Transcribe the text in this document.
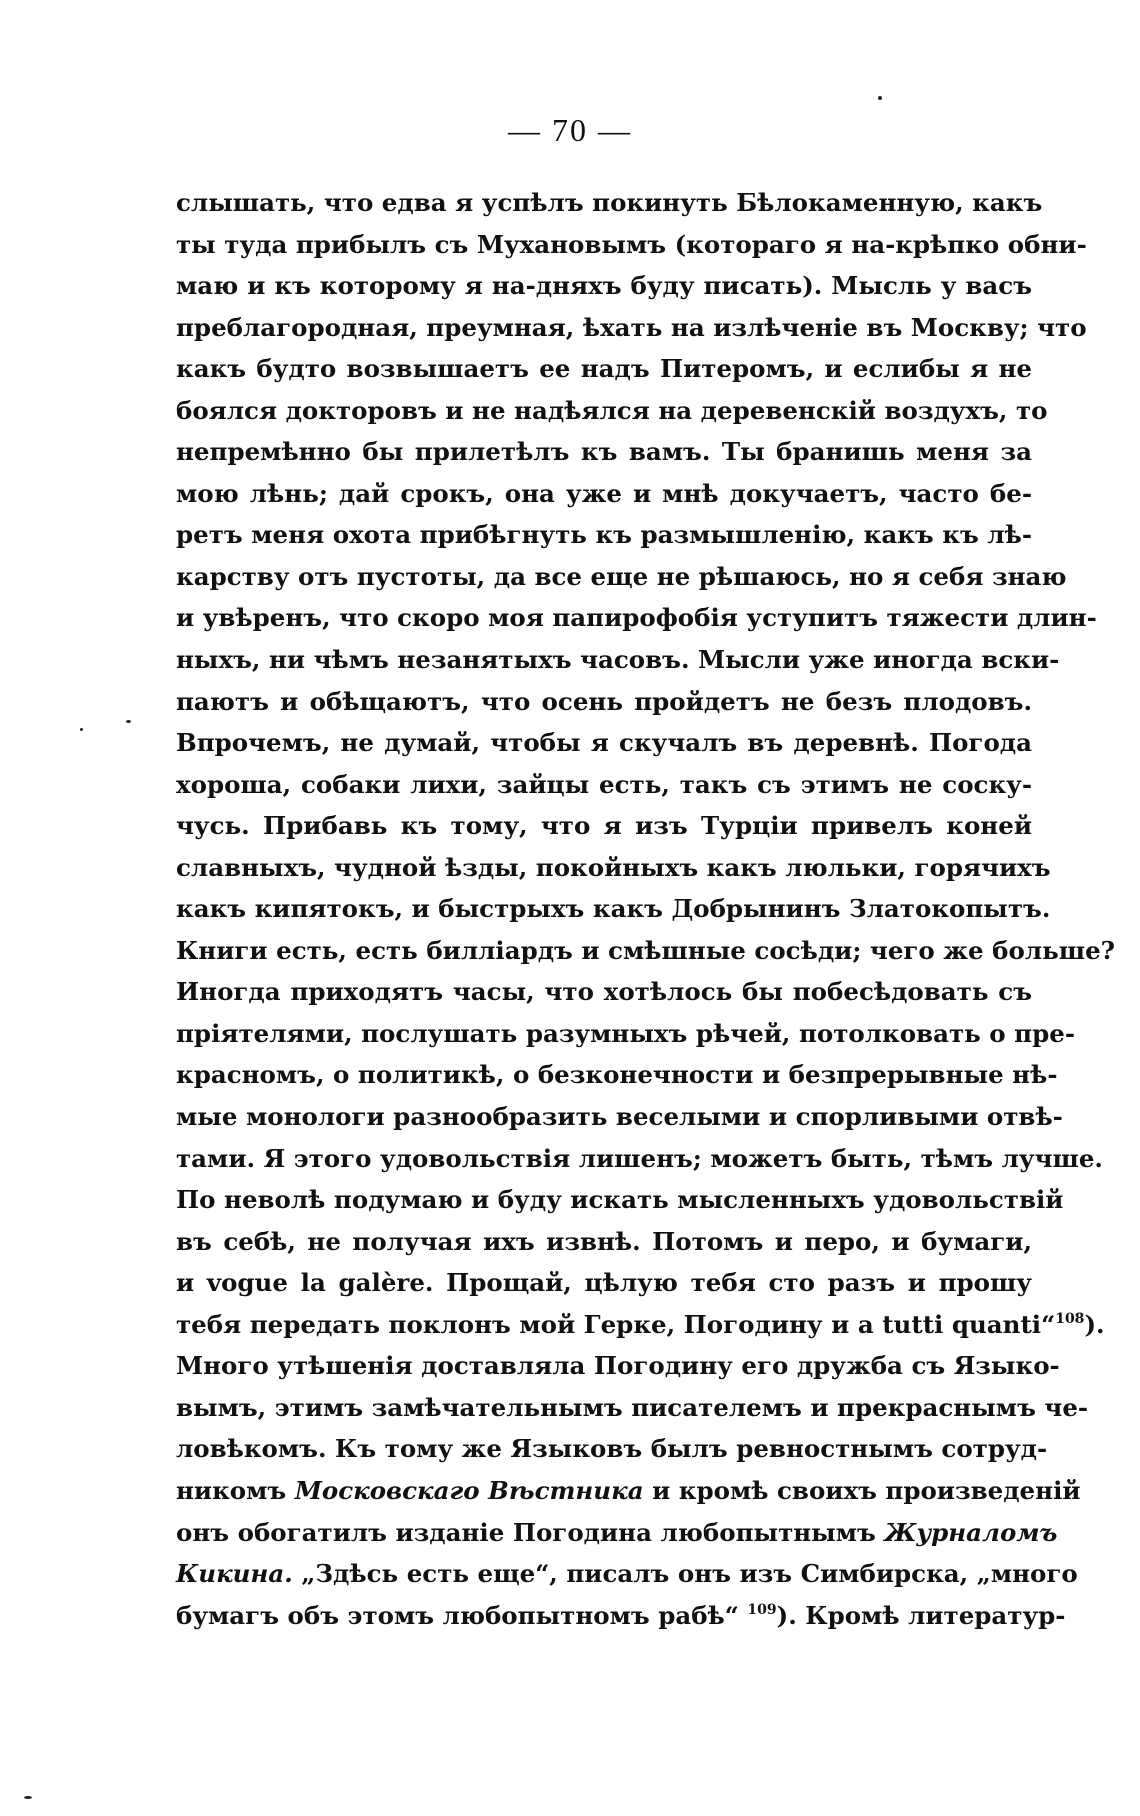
— 70 —
слышать, что едва я успѣлъ покинуть Бѣлокаменную, какъ
ты туда прибылъ съ Мухановымъ (котораго я на-крѣпко обни-
маю и къ которому я на-дняхъ буду писать). Мысль у васъ
преблагородная, преумная, ѣхать на излѣченіе въ Москву; что
какъ будто возвышаетъ ее надъ Питеромъ, и еслибы я не
боялся докторовъ и не надѣялся на деревенскій воздухъ, то
непремѣнно бы прилетѣлъ къ вамъ. Ты бранишь меня за
мою лѣнь; дай срокъ, она уже и мнѣ докучаетъ, часто бе-
ретъ меня охота прибѣгнуть къ размышленію, какъ къ лѣ-
карству отъ пустоты, да все еще не рѣшаюсь, но я себя знаю
и увѣренъ, что скоро моя папирофобія уступитъ тяжести длин-
ныхъ, ни чѣмъ незанятыхъ часовъ. Мысли уже иногда вски-
паютъ и обѣщаютъ, что осень пройдетъ не безъ плодовъ.
Впрочемъ, не думай, чтобы я скучалъ въ деревнѣ. Погода
хороша, собаки лихи, зайцы есть, такъ съ этимъ не соску-
чусь. Прибавь къ тому, что я изъ Турціи привелъ коней
славныхъ, чудной ѣзды, покойныхъ какъ люльки, горячихъ
какъ кипятокъ, и быстрыхъ какъ Добрынинъ Златокопытъ.
Книги есть, есть билліардъ и смѣшные сосѣди; чего же больше?
Иногда приходятъ часы, что хотѣлось бы побесѣдовать съ
пріятелями, послушать разумныхъ рѣчей, потолковать о пре-
красномъ, о политикѣ, о безконечности и безпрерывные нѣ-
мые монологи разнообразить веселыми и спорливыми отвѣ-
тами. Я этого удовольствія лишенъ; можетъ быть, тѣмъ лучше.
По неволѣ подумаю и буду искать мысленныхъ удовольствій
въ себѣ, не получая ихъ извнѣ. Потомъ и перо, и бумаги,
и vogue la galère. Прощай, цѣлую тебя сто разъ и прошу
тебя передать поклонъ мой Герке, Погодину и а tutti quanti“$^{108}$).
Много утѣшенія доставляла Погодину его дружба съ Языко-
вымъ, этимъ замѣчательнымъ писателемъ и прекраснымъ че-
ловѣкомъ. Къ тому же Языковъ былъ ревностнымъ сотруд-
никомъ Московскаго Вѣстника и кромѣ своихъ произведеній
онъ обогатилъ изданіе Погодина любопытнымъ Журналомъ
Кикина. „Здѣсь есть еще“, писалъ онъ изъ Симбирска, „много
бумагъ объ этомъ любопытномъ рабѣ“ $^{109}$). Кромѣ литератур-
